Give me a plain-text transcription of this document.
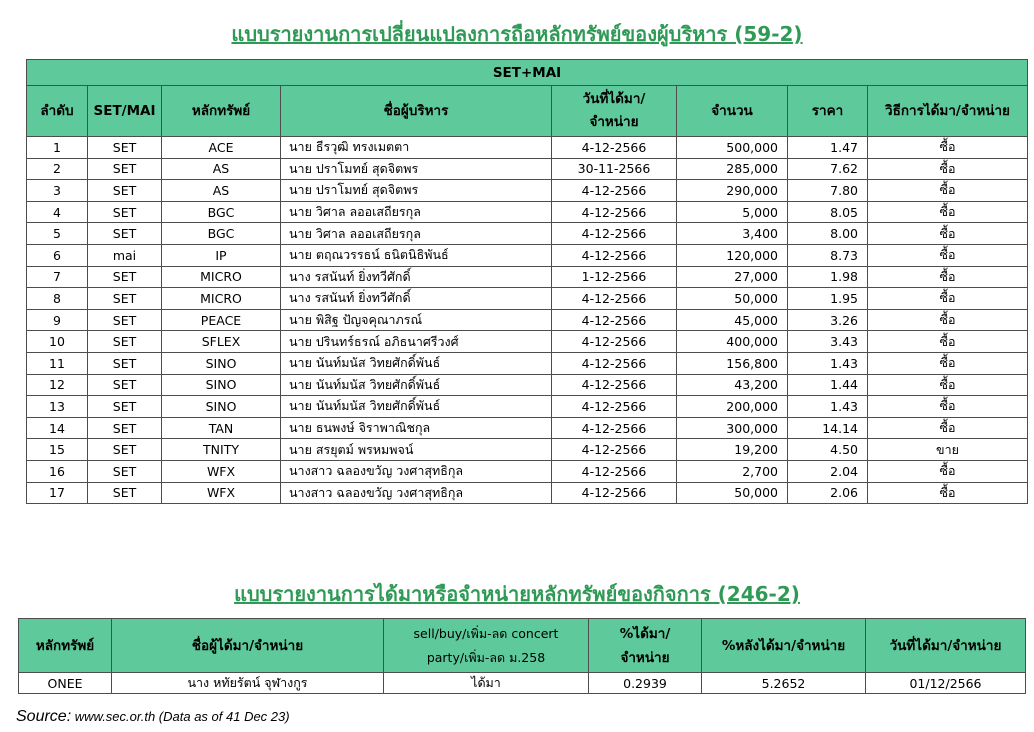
แบบรายงานการเปลี่ยนแปลงการถือหลักทรัพย์ของผู้บริหาร (59-2)
SET+MAI							
ลำดับ	SET/MAI	หลักทรัพย์	ชื่อผู้บริหาร	วันที่ได้มา/
จำหน่าย	จำนวน	ราคา	วิธีการได้มา/จำหน่าย
1	SET	ACE	นาย ธีรวุฒิ ทรงเมตตา	4-12-2566	500,000	1.47	ซื้อ
2	SET	AS	นาย ปราโมทย์ สุดจิตพร	30-11-2566	285,000	7.62	ซื้อ
3	SET	AS	นาย ปราโมทย์ สุดจิตพร	4-12-2566	290,000	7.80	ซื้อ
4	SET	BGC	นาย วิศาล ลออเสถียรกุล	4-12-2566	5,000	8.05	ซื้อ
5	SET	BGC	นาย วิศาล ลออเสถียรกุล	4-12-2566	3,400	8.00	ซื้อ
6	mai	IP	นาย ตฤณวรรธน์ ธนิตนิธิพันธ์	4-12-2566	120,000	8.73	ซื้อ
7	SET	MICRO	นาง รสนันท์ ยิ่งทวีศักดิ์	1-12-2566	27,000	1.98	ซื้อ
8	SET	MICRO	นาง รสนันท์ ยิ่งทวีศักดิ์	4-12-2566	50,000	1.95	ซื้อ
9	SET	PEACE	นาย พิสิฐ ปัญจคุณาภรณ์	4-12-2566	45,000	3.26	ซื้อ
10	SET	SFLEX	นาย ปรินทร์ธรณ์ อภิธนาศรีวงศ์	4-12-2566	400,000	3.43	ซื้อ
11	SET	SINO	นาย นันท์มนัส วิทยศักดิ์พันธ์	4-12-2566	156,800	1.43	ซื้อ
12	SET	SINO	นาย นันท์มนัส วิทยศักดิ์พันธ์	4-12-2566	43,200	1.44	ซื้อ
13	SET	SINO	นาย นันท์มนัส วิทยศักดิ์พันธ์	4-12-2566	200,000	1.43	ซื้อ
14	SET	TAN	นาย ธนพงษ์ จิราพาณิชกุล	4-12-2566	300,000	14.14	ซื้อ
15	SET	TNITY	นาย สรยุตม์ พรหมพจน์	4-12-2566	19,200	4.50	ขาย
16	SET	WFX	นางสาว ฉลองขวัญ วงศาสุทธิกุล	4-12-2566	2,700	2.04	ซื้อ
17	SET	WFX	นางสาว ฉลองขวัญ วงศาสุทธิกุล	4-12-2566	50,000	2.06	ซื้อ
แบบรายงานการได้มาหรือจำหน่ายหลักทรัพย์ของกิจการ (246-2)
หลักทรัพย์	ชื่อผู้ได้มา/จำหน่าย	sell/buy/เพิ่ม-ลด concert
party/เพิ่ม-ลด ม.258	%ได้มา/
จำหน่าย	%หลังได้มา/จำหน่าย	วันที่ได้มา/จำหน่าย
ONEE	นาง หทัยรัตน์ จุฬางกูร	ได้มา	0.2939	5.2652	01/12/2566
Source: www.sec.or.th (Data as of 41 Dec 23)
